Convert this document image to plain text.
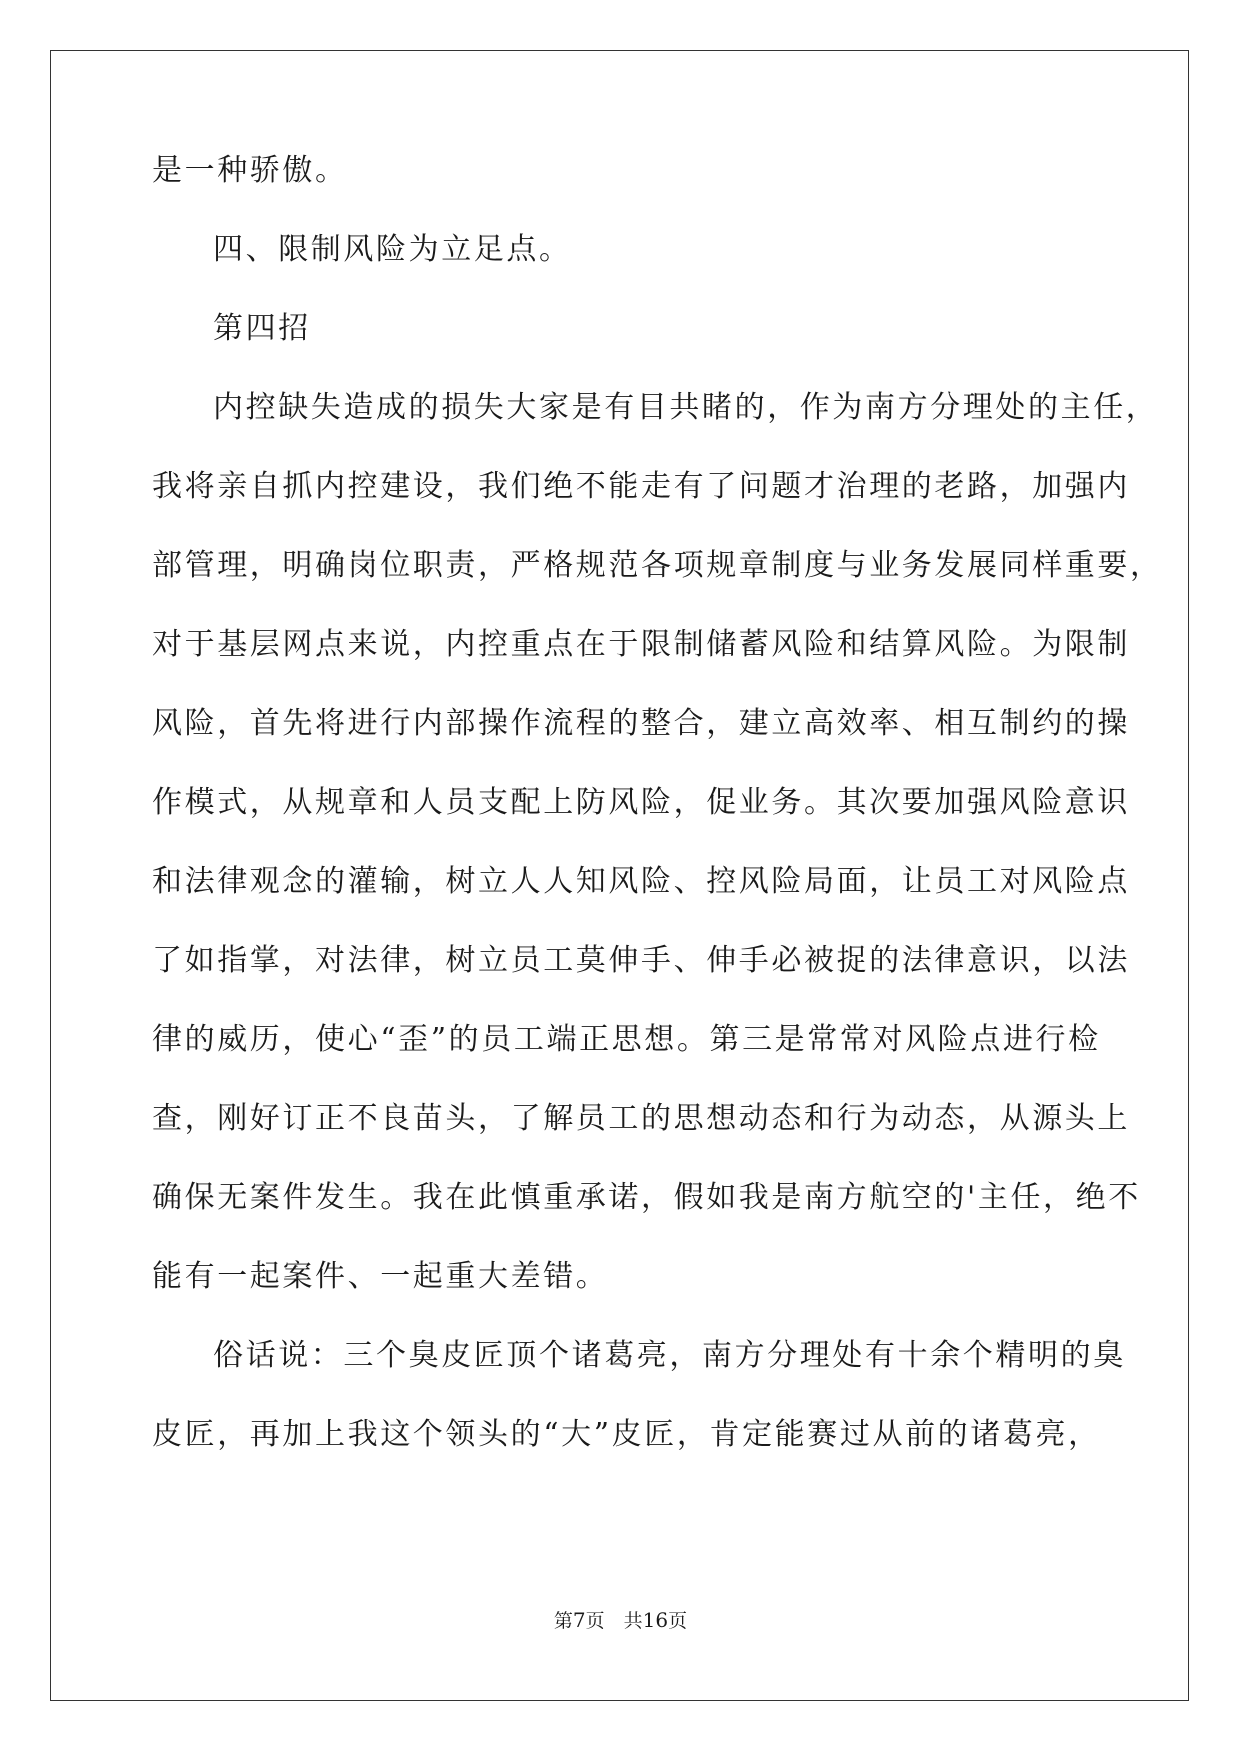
是一种骄傲。
四、限制风险为立足点。
第四招
内控缺失造成的损失大家是有目共睹的，作为南方分理处的主任，
我将亲自抓内控建设，我们绝不能走有了问题才治理的老路，加强内
部管理，明确岗位职责，严格规范各项规章制度与业务发展同样重要，
对于基层网点来说，内控重点在于限制储蓄风险和结算风险。为限制
风险，首先将进行内部操作流程的整合，建立高效率、相互制约的操
作模式，从规章和人员支配上防风险，促业务。其次要加强风险意识
和法律观念的灌输，树立人人知风险、控风险局面，让员工对风险点
了如指掌，对法律，树立员工莫伸手、伸手必被捉的法律意识，以法
律的威历，使心“歪”的员工端正思想。第三是常常对风险点进行检
查，刚好订正不良苗头，了解员工的思想动态和行为动态，从源头上
确保无案件发生。我在此慎重承诺，假如我是南方航空的'主任，绝不
能有一起案件、一起重大差错。
俗话说：三个臭皮匠顶个诸葛亮，南方分理处有十余个精明的臭
皮匠，再加上我这个领头的“大”皮匠，肯定能赛过从前的诸葛亮，
第7页　共16页
